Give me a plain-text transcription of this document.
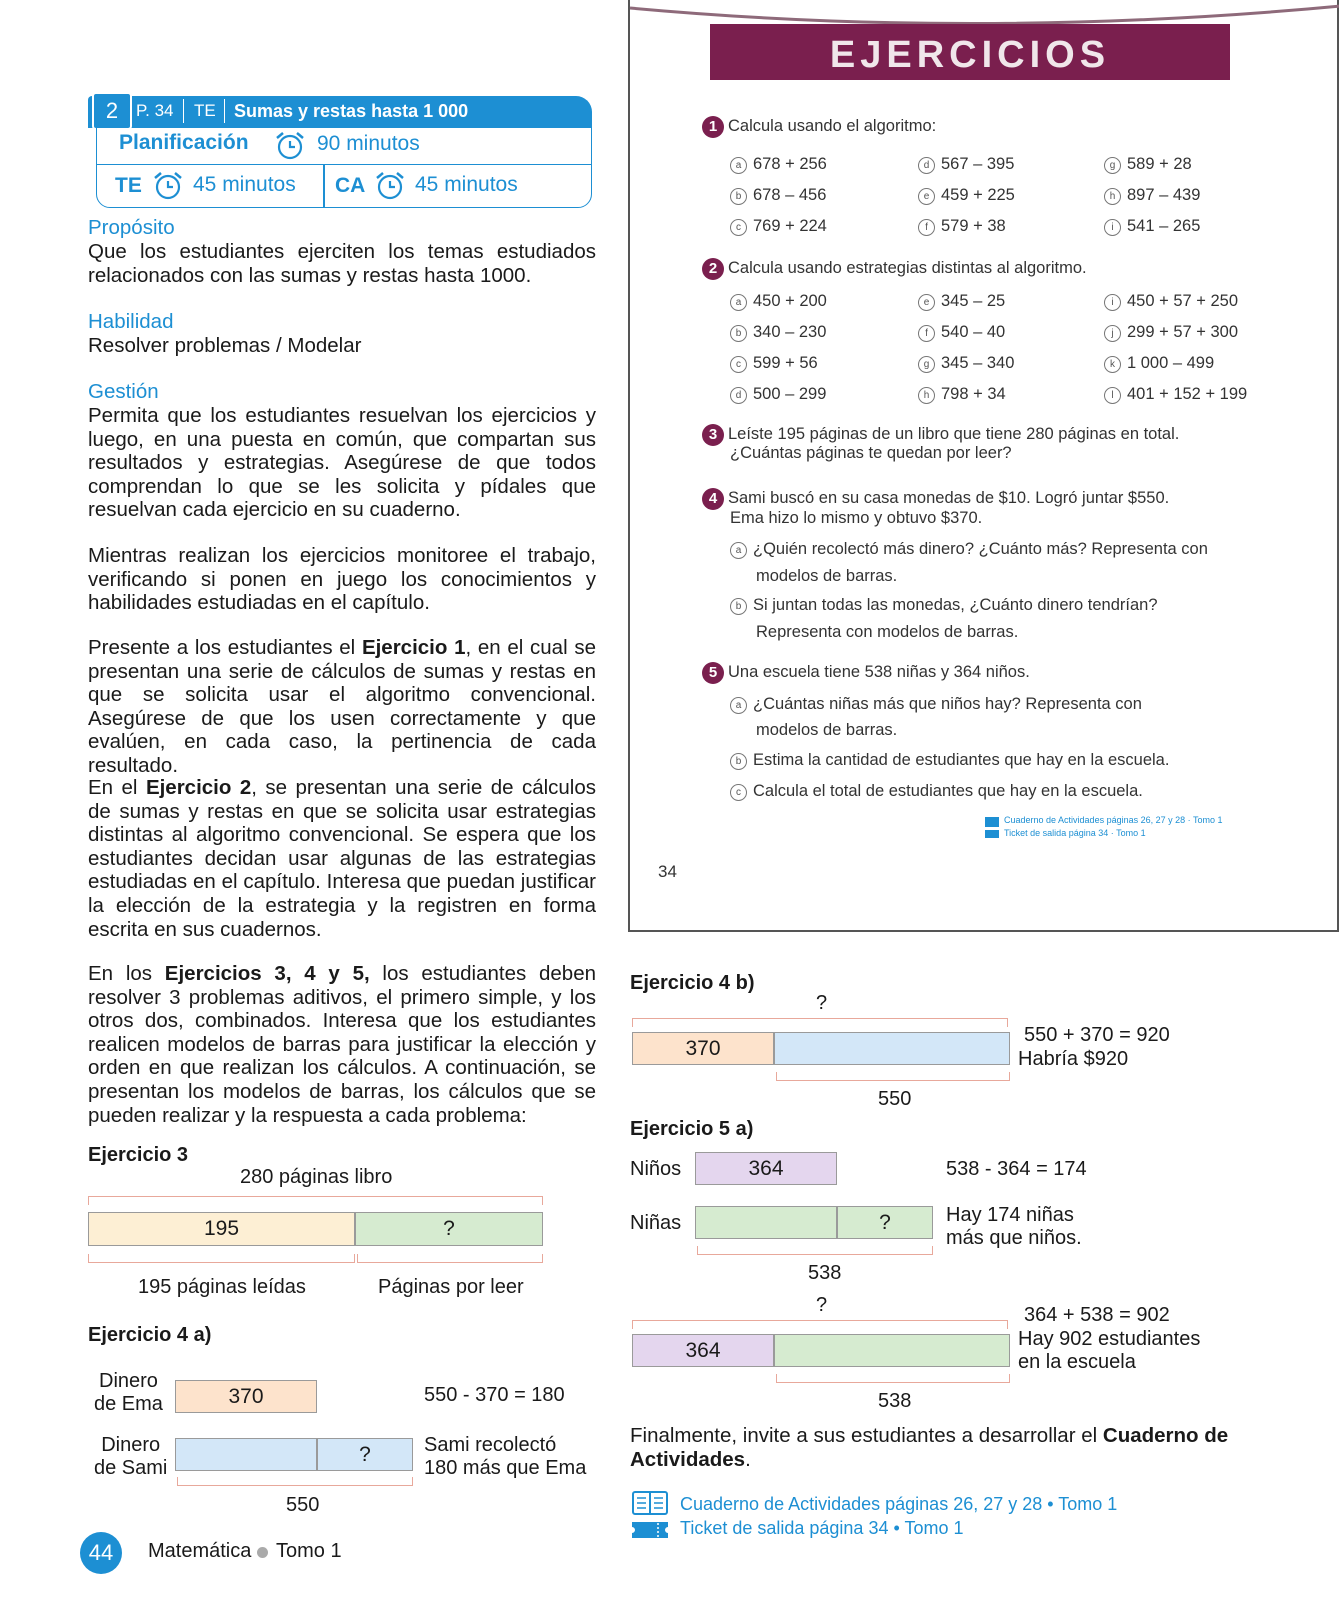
P. 34 TE Sumas y restas hasta 1 000
2
Planificación	90 minutos
TE 45 minutos CA 45 minutos
Propósito
Que los estudiantes ejerciten los temas estudiados relacionados con las sumas y restas hasta 1000.
Habilidad
Resolver problemas / Modelar
Gestión
Permita que los estudiantes resuelvan los ejercicios y luego, en una puesta en común, que compartan sus resultados y estrategias. Asegúrese de que todos comprendan lo que se les solicita y pídales que resuelvan cada ejercicio en su cuaderno.
Mientras realizan los ejercicios monitoree el trabajo, verificando si ponen en juego los conocimientos y habilidades estudiadas en el capítulo.
Presente a los estudiantes el Ejercicio 1, en el cual se presentan una serie de cálculos de sumas y restas en que se solicita usar el algoritmo convencional. Asegúrese de que los usen correctamente y que evalúen, en cada caso, la pertinencia de cada resultado.
En el Ejercicio 2, se presentan una serie de cálculos de sumas y restas en que se solicita usar estrategias distintas al algoritmo convencional. Se espera que los estudiantes decidan usar algunas de las estrategias estudiadas en el capítulo. Interesa que puedan justificar la elección de la estrategia y la registren en forma escrita en sus cuadernos.
En los Ejercicios 3, 4 y 5, los estudiantes deben resolver 3 problemas aditivos, el primero simple, y los otros dos, combinados. Interesa que los estudiantes realicen modelos de barras para justificar la elección y orden en que realizan los cálculos. A continuación, se presentan los modelos de barras, los cálculos que se pueden realizar y la respuesta a cada problema:
Ejercicio 3
280 páginas libro
195	?
195 páginas leídas	Páginas por leer
Ejercicio 4 a)
Dinero
de Ema	370	550 - 370 = 180
Dinero
de Sami
?	Sami recolectó
180 más que Ema
550
44	Matemática Tomo 1
EJERCICIOS
1 Calcula usando el algoritmo:
2 Calcula usando estrategias distintas al algoritmo.
3 Leíste 195 páginas de un libro que tiene 280 páginas en total.
¿Cuántas páginas te quedan por leer?
4 Sami buscó en su casa monedas de $10. Logró juntar $550.
Ema hizo lo mismo y obtuvo $370.
a ¿Quién recolectó más dinero? ¿Cuánto más? Representa con
modelos de barras.
b Si juntan todas las monedas, ¿Cuánto dinero tendrían?
Representa con modelos de barras.
5 Una escuela tiene 538 niñas y 364 niños.
a ¿Cuántas niñas más que niños hay? Representa con
modelos de barras.
b Estima la cantidad de estudiantes que hay en la escuela.
c Calcula el total de estudiantes que hay en la escuela.
Cuaderno de Actividades páginas 26, 27 y 28 · Tomo 1
Ticket de salida página 34 · Tomo 1
34
a 678 + 256	d 567 – 395	g 589 + 28
b 678 – 456	e 459 + 225	h 897 – 439
c 769 + 224	f 579 + 38	i 541 – 265
a 450 + 200	e 345 – 25	i 450 + 57 + 250
b 340 – 230	f 540 – 40	j 299 + 57 + 300
c 599 + 56	g 345 – 340	k 1 000 – 499
d 500 – 299	h 798 + 34	l 401 + 152 + 199
Ejercicio 4 b)
?
370
550 + 370 = 920
Habría $920
550
Ejercicio 5 a)
Niños	364	538 - 364 = 174
Niñas	?	Hay 174 niñas
más que niños.
538
?	364 + 538 = 902
364	Hay 902 estudiantes
en la escuela
538
Finalmente, invite a sus estudiantes a desarrollar el Cuaderno de Actividades.
Cuaderno de Actividades páginas 26, 27 y 28 • Tomo 1
Ticket de salida página 34 • Tomo 1
